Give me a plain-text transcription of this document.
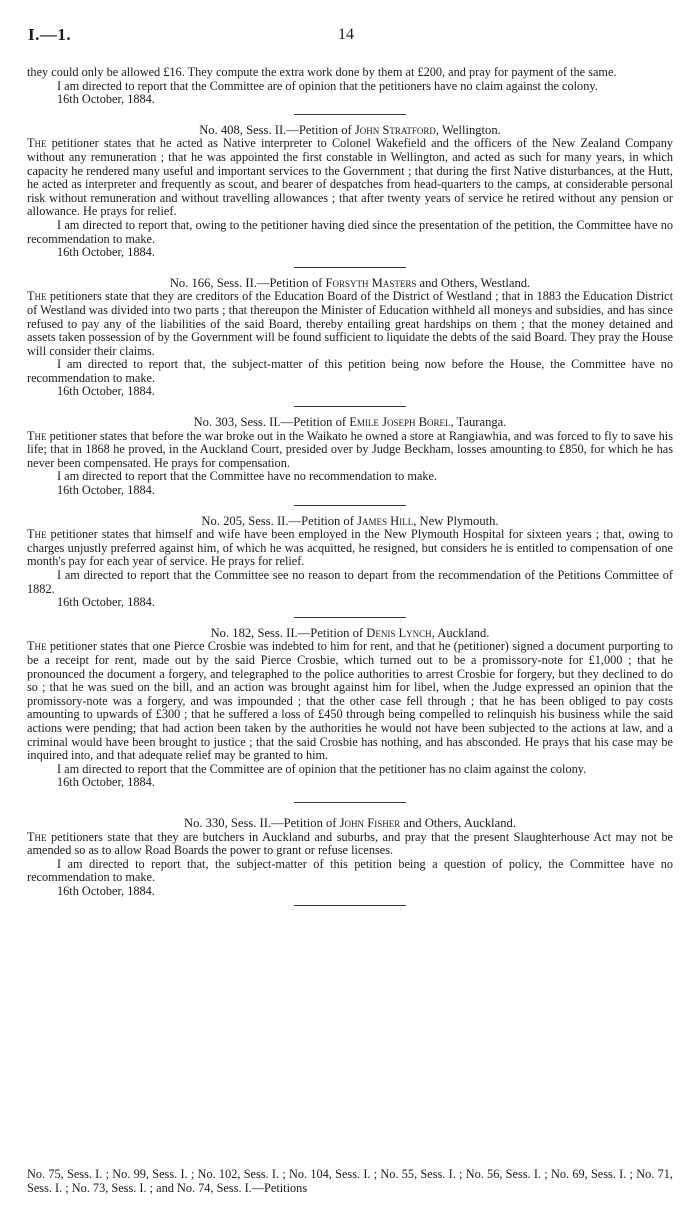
I.—1.	14

they could only be allowed £16. They compute the extra work done by them at £200, and pray for payment of the same.

I am directed to report that the Committee are of opinion that the petitioners have no claim against the colony.

16th October, 1884.

No. 408, Sess. II.—Petition of John Stratford, Wellington.

The petitioner states that he acted as Native interpreter to Colonel Wakefield and the officers of the New Zealand Company without any remuneration ; that he was appointed the first constable in Wellington, and acted as such for many years, in which capacity he rendered many useful and important services to the Government ; that during the first Native disturbances, at the Hutt, he acted as interpreter and frequently as scout, and bearer of despatches from head-quarters to the camps, at considerable personal risk without remuneration and without travelling allowances ; that after twenty years of service he retired without any pension or allowance. He prays for relief.

I am directed to report that, owing to the petitioner having died since the presentation of the petition, the Committee have no recommendation to make.

16th October, 1884.

No. 166, Sess. II.—Petition of Forsyth Masters and Others, Westland.

The petitioners state that they are creditors of the Education Board of the District of Westland ; that in 1883 the Education District of Westland was divided into two parts ; that thereupon the Minister of Education withheld all moneys and subsidies, and has since refused to pay any of the liabilities of the said Board, thereby entailing great hardships on them ; that the money detained and assets taken possession of by the Government will be found sufficient to liquidate the debts of the said Board. They pray the House will consider their claims.

I am directed to report that, the subject-matter of this petition being now before the House, the Committee have no recommendation to make.

16th October, 1884.

No. 303, Sess. II.—Petition of Emile Joseph Borel, Tauranga.

The petitioner states that before the war broke out in the Waikato he owned a store at Rangiawhia, and was forced to fly to save his life; that in 1868 he proved, in the Auckland Court, presided over by Judge Beckham, losses amounting to £850, for which he has never been compensated. He prays for compensation.

I am directed to report that the Committee have no recommendation to make.

16th October, 1884.

No. 205, Sess. II.—Petition of James Hill, New Plymouth.

The petitioner states that himself and wife have been employed in the New Plymouth Hospital for sixteen years ; that, owing to charges unjustly preferred against him, of which he was acquitted, he resigned, but considers he is entitled to compensation of one month's pay for each year of service. He prays for relief.

I am directed to report that the Committee see no reason to depart from the recommendation of the Petitions Committee of 1882.

16th October, 1884.

No. 182, Sess. II.—Petition of Denis Lynch, Auckland.

The petitioner states that one Pierce Crosbie was indebted to him for rent, and that he (petitioner) signed a document purporting to be a receipt for rent, made out by the said Pierce Crosbie, which turned out to be a promissory-note for £1,000 ; that he pronounced the document a forgery, and telegraphed to the police authorities to arrest Crosbie for forgery, but they declined to do so ; that he was sued on the bill, and an action was brought against him for libel, when the Judge expressed an opinion that the promissory-note was a forgery, and was impounded ; that the other case fell through ; that he has been obliged to pay costs amounting to upwards of £300 ; that he suffered a loss of £450 through being compelled to relinquish his business while the said actions were pending; that had action been taken by the authorities he would not have been subjected to the actions at law, and a criminal would have been brought to justice ; that the said Crosbie has nothing, and has absconded. He prays that his case may be inquired into, and that adequate relief may be granted to him.

I am directed to report that the Committee are of opinion that the petitioner has no claim against the colony.

16th October, 1884.

No. 330, Sess. II.—Petition of John Fisher and Others, Auckland.

The petitioners state that they are butchers in Auckland and suburbs, and pray that the present Slaughterhouse Act may not be amended so as to allow Road Boards the power to grant or refuse licenses.

I am directed to report that, the subject-matter of this petition being a question of policy, the Committee have no recommendation to make.

16th October, 1884.

No. 75, Sess. I. ; No. 99, Sess. I. ; No. 102, Sess. I. ; No. 104, Sess. I. ; No. 55, Sess. I. ; No. 56, Sess. I. ; No. 69, Sess. I. ; No. 71, Sess. I. ; No. 73, Sess. I. ; and No. 74, Sess. I.—Petitions
